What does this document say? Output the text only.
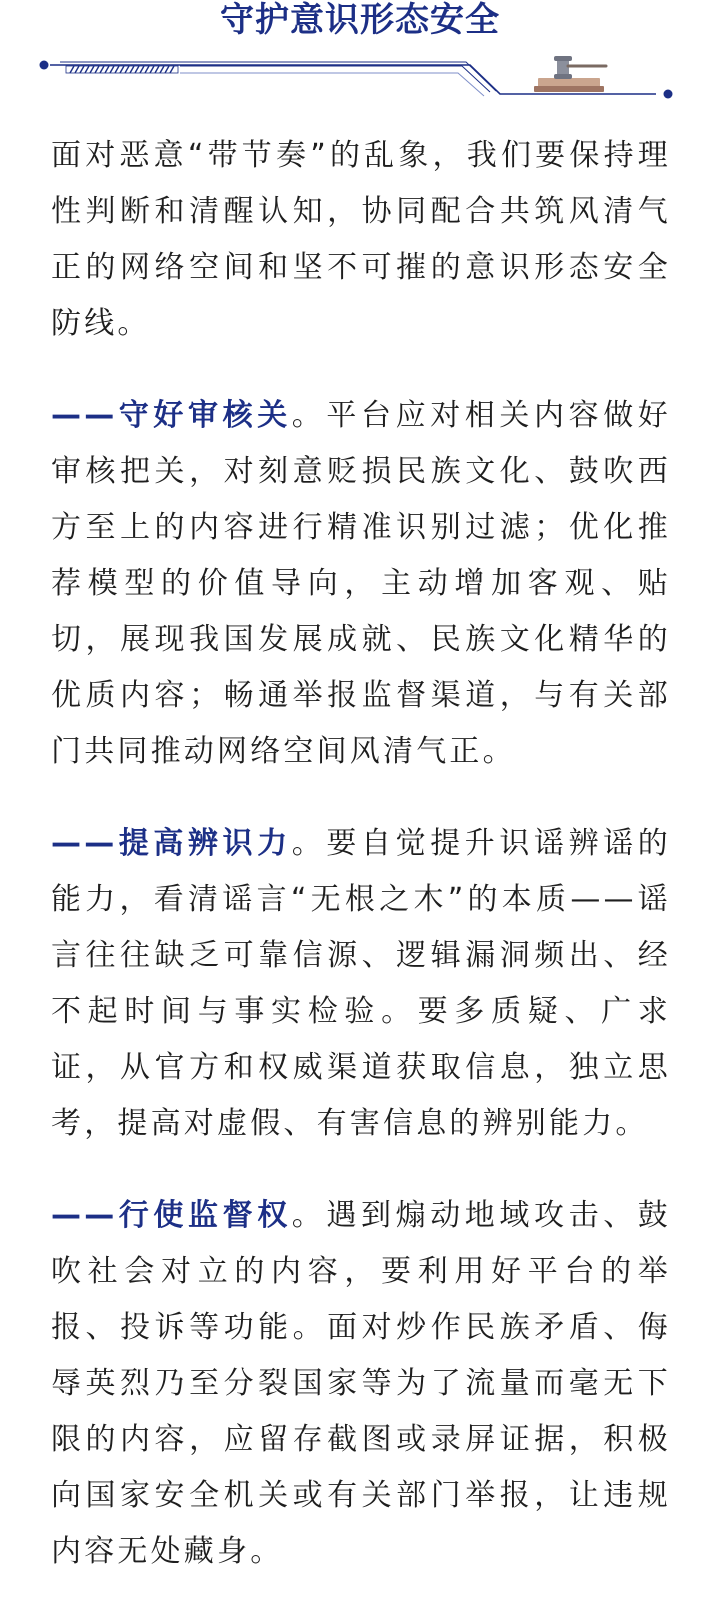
守护意识形态安全

面对恶意“带节奏”的乱象，我们要保持理性判断和清醒认知，协同配合共筑风清气正的网络空间和坚不可摧的意识形态安全防线。

——守好审核关。平台应对相关内容做好审核把关，对刻意贬损民族文化、鼓吹西方至上的内容进行精准识别过滤；优化推荐模型的价值导向，主动增加客观、贴切，展现我国发展成就、民族文化精华的优质内容；畅通举报监督渠道，与有关部门共同推动网络空间风清气正。

——提高辨识力。要自觉提升识谣辨谣的能力，看清谣言“无根之木”的本质——谣言往往缺乏可靠信源、逻辑漏洞频出、经不起时间与事实检验。要多质疑、广求证，从官方和权威渠道获取信息，独立思考，提高对虚假、有害信息的辨别能力。

——行使监督权。遇到煽动地域攻击、鼓吹社会对立的内容，要利用好平台的举报、投诉等功能。面对炒作民族矛盾、侮辱英烈乃至分裂国家等为了流量而毫无下限的内容，应留存截图或录屏证据，积极向国家安全机关或有关部门举报，让违规内容无处藏身。
